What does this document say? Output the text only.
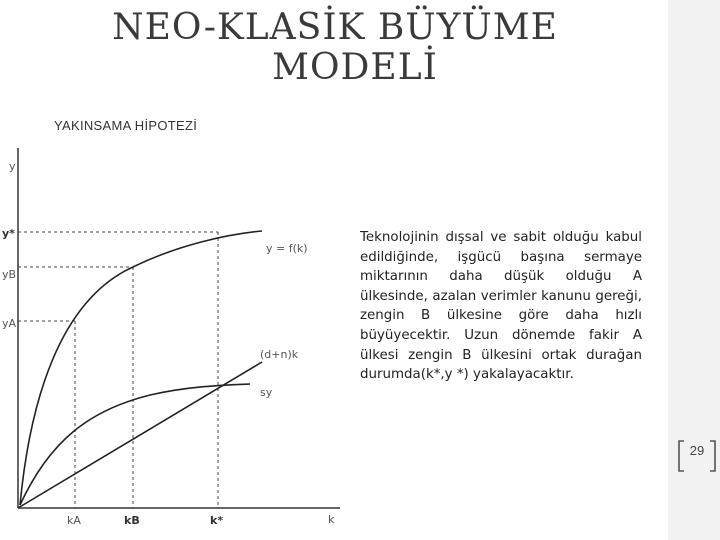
NEO-KLASİK BÜYÜME
MODELİ
YAKINSAMA HİPOTEZİ
y
k
y*
yB
yA
kA	kB	k*
y = f(k)
(d+n)k
sy
Teknolojinin dışsal ve sabit olduğu kabul edildiğinde, işgücü başına sermaye miktarının daha düşük olduğu A ülkesinde, azalan verimler kanunu gereği, zengin B ülkesine göre daha hızlı büyüyecektir. Uzun dönemde fakir A ülkesi zengin B ülkesini ortak durağan durumda(k*,y *) yakalayacaktır.
29
